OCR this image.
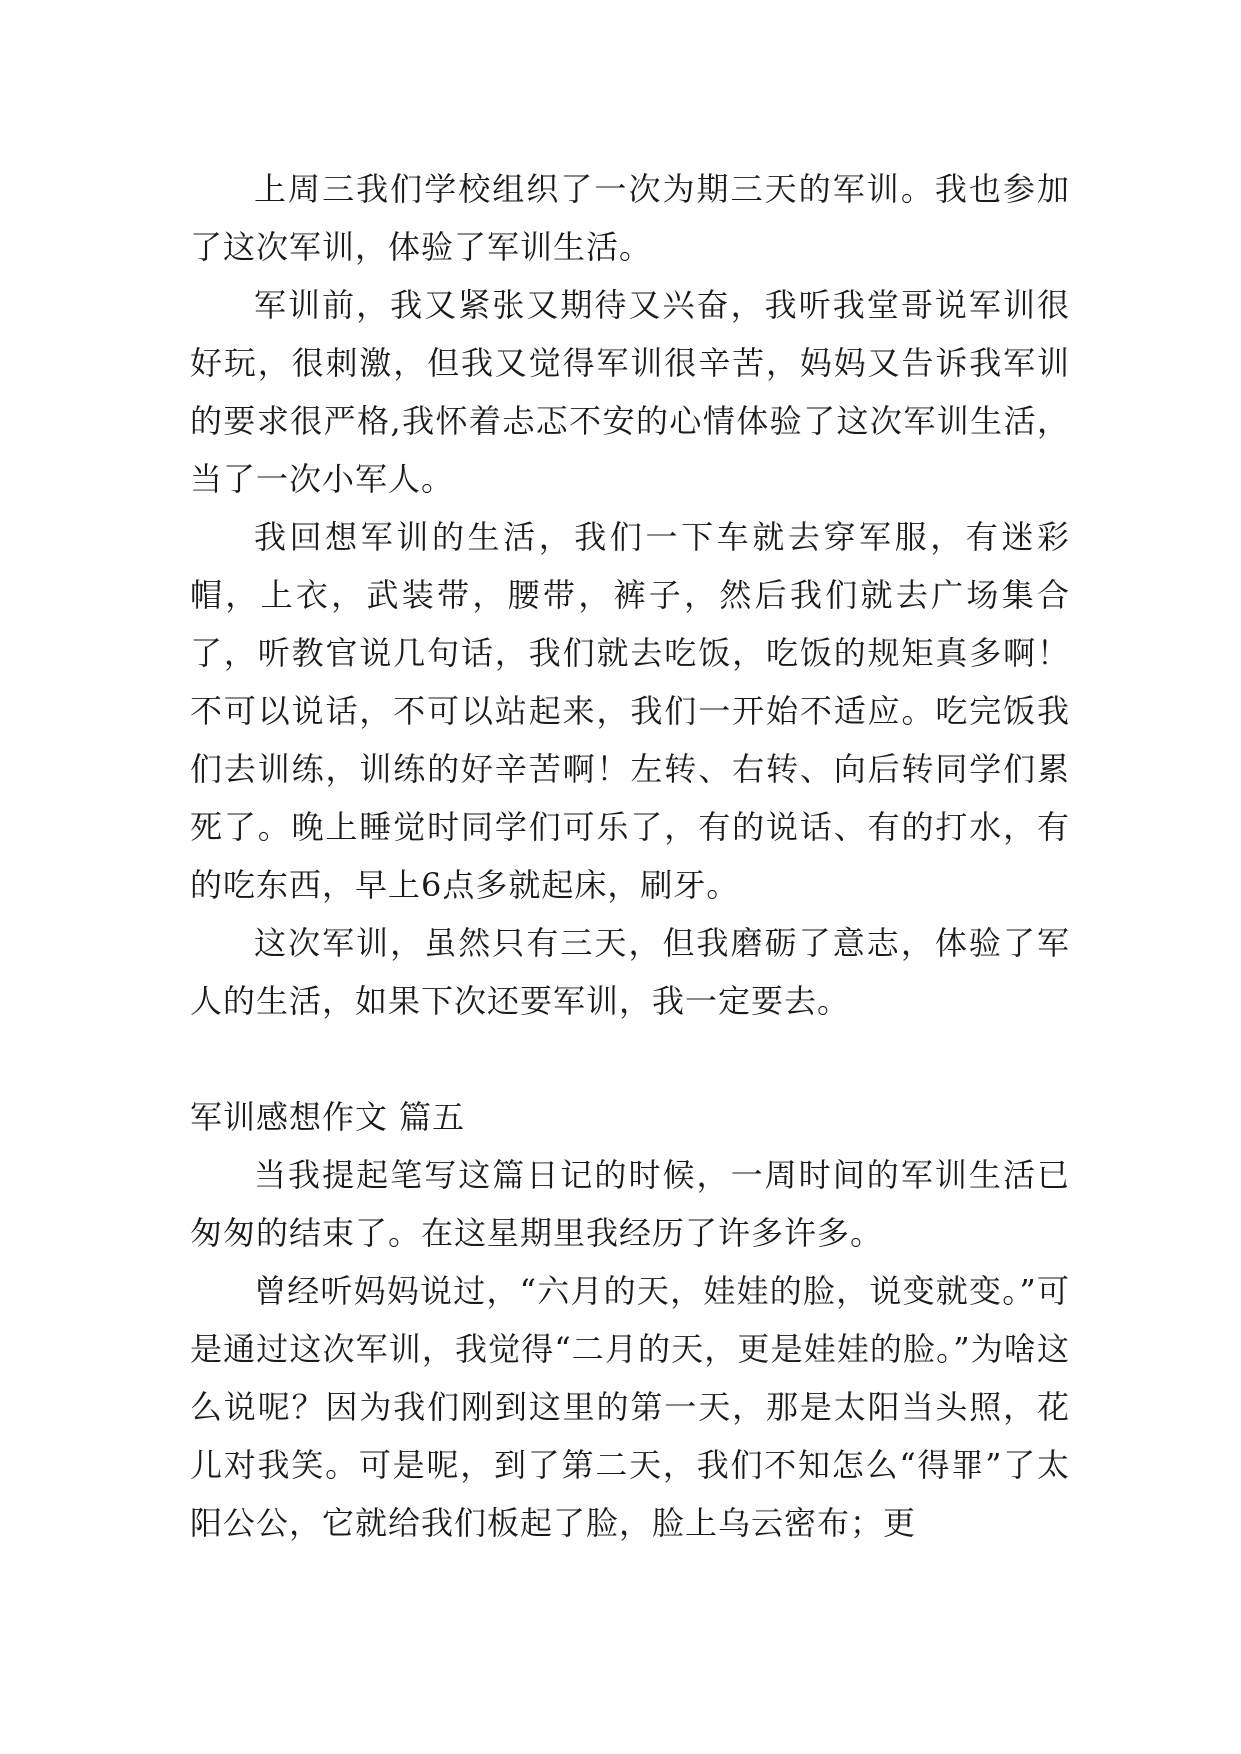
上周三我们学校组织了一次为期三天的军训。我也参加了这次军训，体验了军训生活。

军训前，我又紧张又期待又兴奋，我听我堂哥说军训很好玩，很刺激，但我又觉得军训很辛苦，妈妈又告诉我军训的要求很严格,我怀着忐忑不安的心情体验了这次军训生活，当了一次小军人。

我回想军训的生活，我们一下车就去穿军服，有迷彩帽，上衣，武装带，腰带，裤子，然后我们就去广场集合了，听教官说几句话，我们就去吃饭，吃饭的规矩真多啊！不可以说话，不可以站起来，我们一开始不适应。吃完饭我们去训练，训练的好辛苦啊！左转、右转、向后转同学们累死了。晚上睡觉时同学们可乐了，有的说话、有的打水，有的吃东西，早上6点多就起床，刷牙。

这次军训，虽然只有三天，但我磨砺了意志，体验了军人的生活，如果下次还要军训，我一定要去。

军训感想作文 篇五

当我提起笔写这篇日记的时候，一周时间的军训生活已匆匆的结束了。在这星期里我经历了许多许多。

曾经听妈妈说过，“六月的天，娃娃的脸，说变就变。”可是通过这次军训，我觉得“二月的天，更是娃娃的脸。”为啥这么说呢？因为我们刚到这里的第一天，那是太阳当头照，花儿对我笑。可是呢，到了第二天，我们不知怎么“得罪”了太阳公公，它就给我们板起了脸，脸上乌云密布；更
